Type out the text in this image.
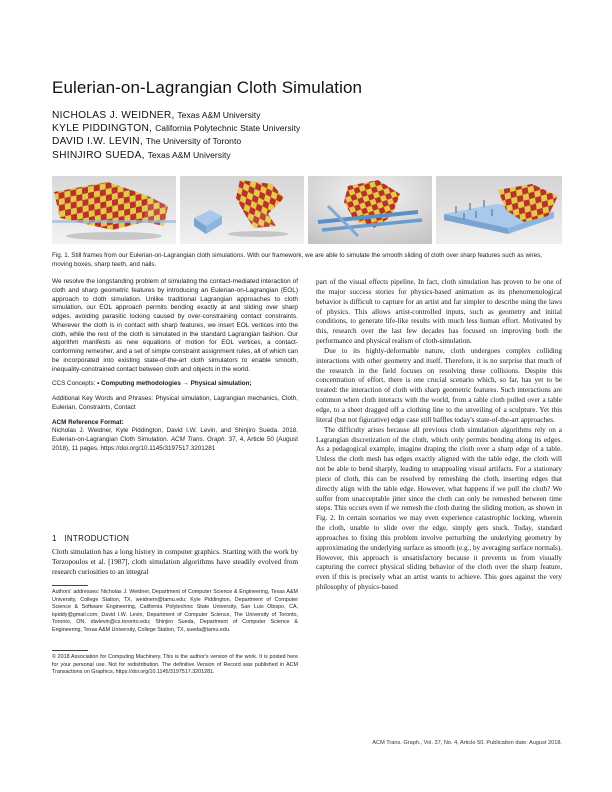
Eulerian-on-Lagrangian Cloth Simulation
NICHOLAS J. WEIDNER, Texas A&M University
KYLE PIDDINGTON, California Polytechnic State University
DAVID I.W. LEVIN, The University of Toronto
SHINJIRO SUEDA, Texas A&M University
Fig. 1. Still frames from our Eulerian-on-Lagrangian cloth simulations. With our framework, we are able to simulate the smooth sliding of cloth over sharp features such as wires, moving boxes, sharp teeth, and nails.

We resolve the longstanding problem of simulating the contact-mediated interaction of cloth and sharp geometric features by introducing an Eulerian-on-Lagrangian (EOL) approach to cloth simulation. Unlike traditional Lagrangian approaches to cloth simulation, our EOL approach permits bending exactly at and sliding over sharp edges, avoiding parasitic locking caused by over-constraining contact constraints. Wherever the cloth is in contact with sharp features, we insert EOL vertices into the cloth, while the rest of the cloth is simulated in the standard Lagrangian fashion. Our algorithm manifests as new equations of motion for EOL vertices, a contact-conforming remesher, and a set of simple constraint assignment rules, all of which can be incorporated into existing state-of-the-art cloth simulators to enable smooth, inequality-constrained contact between cloth and objects in the world.

CCS Concepts: • Computing methodologies → Physical simulation;

Additional Key Words and Phrases: Physical simulation, Lagrangian mechanics, Cloth, Eulerian, Constraints, Contact

ACM Reference Format:

Nicholas J. Weidner, Kyle Piddington, David I.W. Levin, and Shinjiro Sueda. 2018. Eulerian-on-Lagrangian Cloth Simulation. ACM Trans. Graph. 37, 4, Article 50 (August 2018), 11 pages. https://doi.org/10.1145/3197517.3201281

1 INTRODUCTION

Cloth simulation has a long history in computer graphics. Starting with the work by Terzopoulos et al. [1987], cloth simulation algorithms have steadily evolved from research curiosities to an integral

Authors' addresses: Nicholas J. Weidner, Department of Computer Science & Engineering, Texas A&M University, College Station, TX, weidnern@tamu.edu; Kyle Piddington, Department of Computer Science & Software Engineering, California Polytechnic State University, San Luis Obispo, CA, kpiddy@gmail.com; David I.W. Levin, Department of Computer Science, The University of Toronto, Toronto, ON, diwlevin@cs.toronto.edu; Shinjiro Sueda, Department of Computer Science & Engineering, Texas A&M University, College Station, TX, sueda@tamu.edu.

© 2018 Association for Computing Machinery. This is the author's version of the work. It is posted here for your personal use. Not for redistribution. The definitive Version of Record was published in ACM Transactions on Graphics, https://doi.org/10.1145/3197517.3201281.

part of the visual effects pipeline. In fact, cloth simulation has proven to be one of the major success stories for physics-based animation as its phenomenological behavior is difficult to capture for an artist and far simpler to describe using the laws of physics. This allows artist-controlled inputs, such as geometry and initial conditions, to generate life-like results with much less human effort. Motivated by this, research over the last few decades has focused on improving both the performance and physical realism of cloth-simulation.

Due to its highly-deformable nature, cloth undergoes complex colliding interactions with other geometry and itself. Therefore, it is no surprise that much of the research in the field focuses on resolving these collisions. Despite this concentration of effort, there is one crucial scenario which, so far, has yet to be treated: the interaction of cloth with sharp geometric features. Such interactions are common when cloth interacts with the world, from a table cloth pulled over a table edge, to a sheet dragged off a clothing line to the unveiling of a sculpture. Yet this literal (but not figurative) edge case still baffles today's state-of-the-art approaches.

The difficulty arises because all previous cloth simulation algorithms rely on a Lagrangian discretization of the cloth, which only permits bending along its edges. As a pedagogical example, imagine draping the cloth over a sharp edge of a table. Unless the cloth mesh has edges exactly aligned with the table edge, the cloth will not be able to bend sharply, leading to unappealing visual artifacts. For a stationary piece of cloth, this can be resolved by remeshing the cloth, inserting edges that directly align with the table edge. However, what happens if we pull the cloth? We suffer from unacceptable jitter since the cloth can only be remeshed between time steps. This occurs even if we remesh the cloth during the sliding motion, as shown in Fig. 2. In certain scenarios we may even experience catastrophic locking, wherein the cloth, unable to slide over the edge, simply gets stuck. Today, standard approaches to fixing this problem involve perturbing the underlying geometry by approximating the underlying surface as smooth (e.g., by averaging surface normals). However, this approach is unsatisfactory because it prevents us from visually capturing the correct physical sliding behavior of the cloth over the sharp feature, even if this is precisely what an artist wants to achieve. This goes against the very philosophy of physics-based

ACM Trans. Graph., Vol. 37, No. 4, Article 50. Publication date: August 2018.
